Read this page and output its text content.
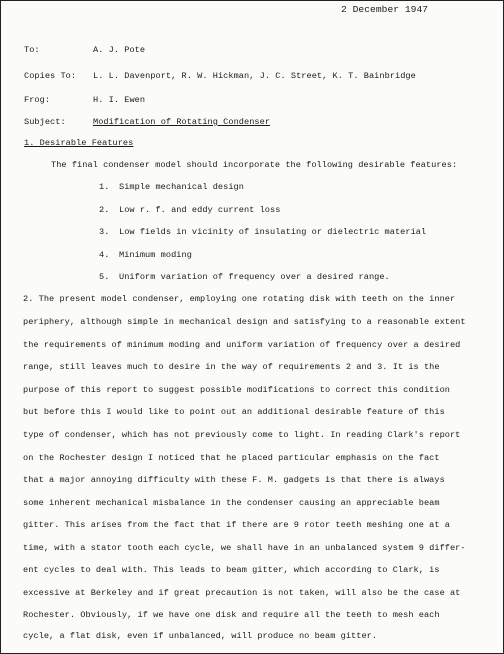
2 December 1947
To:	A. J. Pote
Copies To: L. L. Davenport, R. W. Hickman, J. C. Street, K. T. Bainbridge
Frog:	H. I. Ewen
Subject:	Modification of Rotating Condenser
1. Desirable Features
The final condenser model should incorporate the following desirable features:
1. Simple mechanical design
2. Low r. f. and eddy current loss
3. Low fields in vicinity of insulating or dielectric material
4. Minimum moding
5. Uniform variation of frequency over a desired range.
2. The present model condenser, employing one rotating disk with teeth on the inner
periphery, although simple in mechanical design and satisfying to a reasonable extent
the requirements of minimum moding and uniform variation of frequency over a desired
range, still leaves much to desire in the way of requirements 2 and 3. It is the
purpose of this report to suggest possible modifications to correct this condition
but before this I would like to point out an additional desirable feature of this
type of condenser, which has not previously come to light. In reading Clark's report
on the Rochester design I noticed that he placed particular emphasis on the fact
that a major annoying difficulty with these F. M. gadgets is that there is always
some inherent mechanical misbalance in the condenser causing an appreciable beam
gitter. This arises from the fact that if there are 9 rotor teeth meshing one at a
time, with a stator tooth each cycle, we shall have in an unbalanced system 9 differ-
ent cycles to deal with. This leads to beam gitter, which according to Clark, is
excessive at Berkeley and if great precaution is not taken, will also be the case at
Rochester. Obviously, if we have one disk and require all the teeth to mesh each
cycle, a flat disk, even if unbalanced, will produce no beam gitter.
